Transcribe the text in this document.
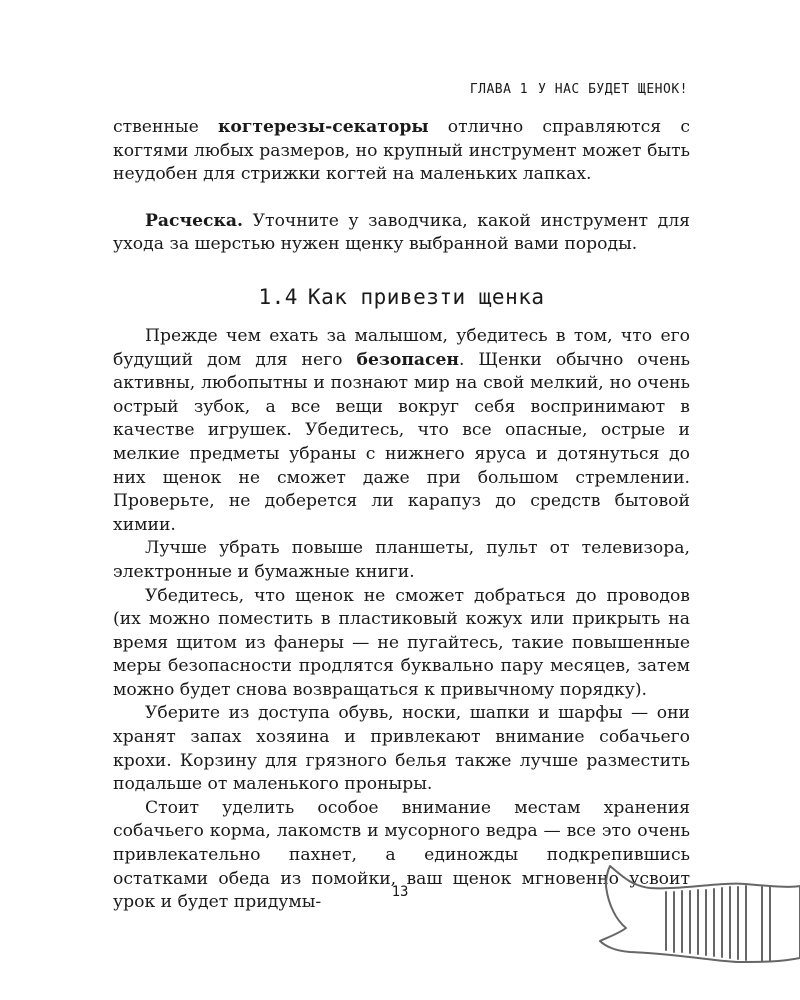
ГЛАВА 1 У НАС БУДЕТ ЩЕНОК!

ственные когтерезы-секаторы отлично справляются с когтями любых размеров, но крупный инструмент может быть неудобен для стрижки когтей на маленьких лапках.

Расческа. Уточните у заводчика, какой инструмент для ухода за шерстью нужен щенку выбранной вами породы.

1.4 Как привезти щенка

Прежде чем ехать за малышом, убедитесь в том, что его будущий дом для него безопасен. Щенки обычно очень активны, любопытны и познают мир на свой мелкий, но очень острый зубок, а все вещи вокруг себя воспринимают в качестве игрушек. Убедитесь, что все опасные, острые и мелкие предметы убраны с нижнего яруса и дотянуться до них щенок не сможет даже при большом стремлении. Проверьте, не доберется ли карапуз до средств бытовой химии.

Лучше убрать повыше планшеты, пульт от телевизора, электронные и бумажные книги.

Убедитесь, что щенок не сможет добраться до проводов (их можно поместить в пластиковый кожух или прикрыть на время щитом из фанеры — не пугайтесь, такие повышенные меры безопасности продлятся буквально пару месяцев, затем можно будет снова возвращаться к привычному порядку).

Уберите из доступа обувь, носки, шапки и шарфы — они хранят запах хозяина и привлекают внимание собачьего крохи. Корзину для грязного белья также лучше разместить подальше от маленького проныры.

Стоит уделить особое внимание местам хранения собачьего корма, лакомств и мусорного ведра — все это очень привлекательно пахнет, а единожды подкрепившись остатками обеда из помойки, ваш щенок мгновенно усвоит урок и будет придумы-

13
